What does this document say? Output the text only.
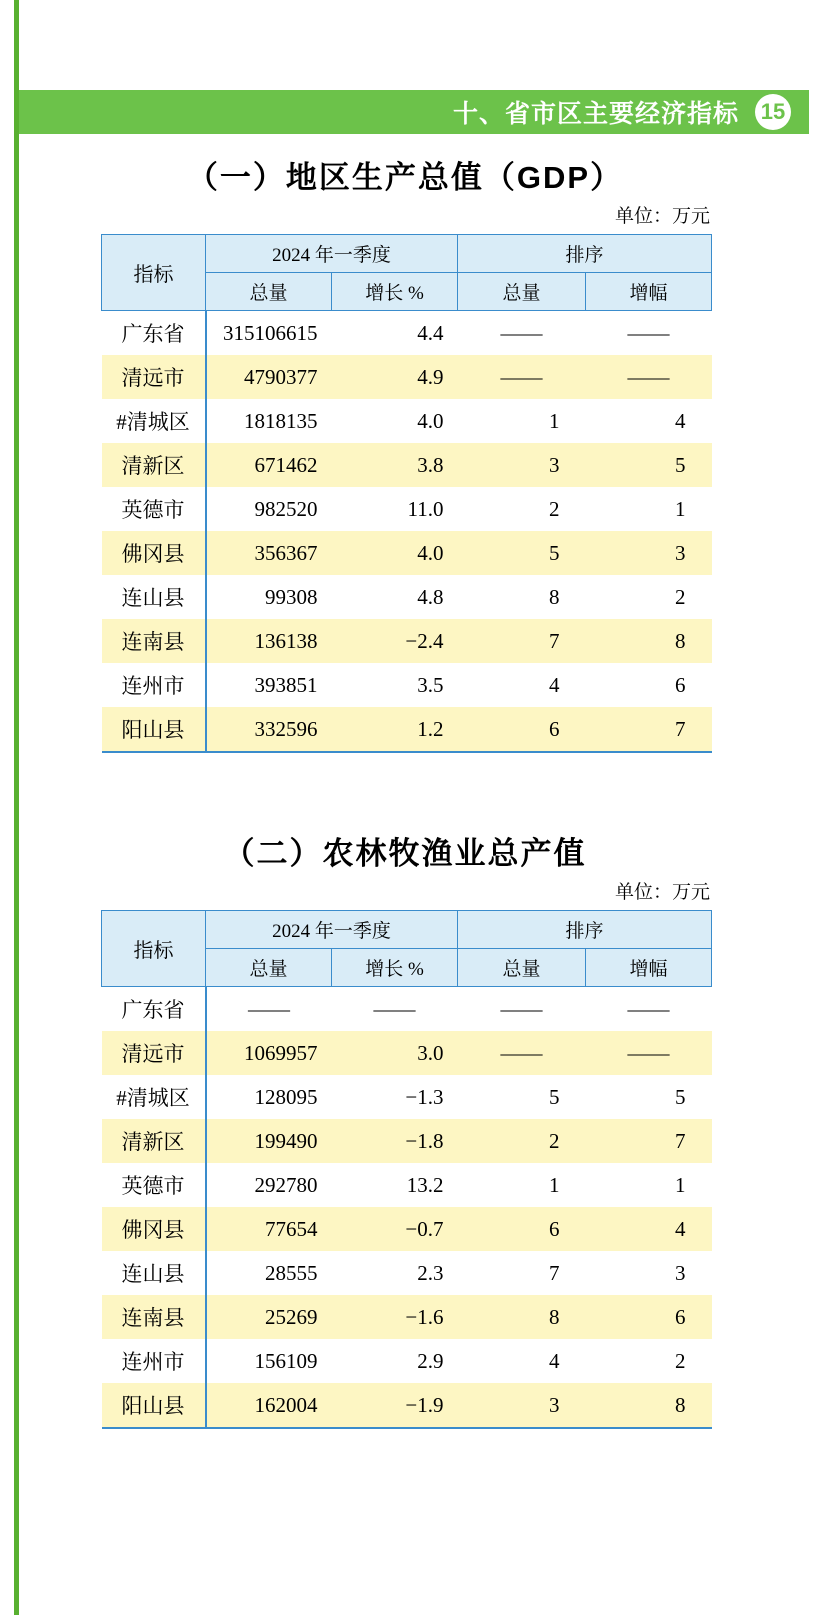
十、省市区主要经济指标 15
（一）地区生产总值（GDP）
单位：万元
指标	2024 年一季度		排序	
	总量	增长 %	总量	增幅
广东省	315106615	4.4	——	——
清远市	4790377	4.9	——	——
#清城区	1818135	4.0	1	4
清新区	671462	3.8	3	5
英德市	982520	11.0	2	1
佛冈县	356367	4.0	5	3
连山县	99308	4.8	8	2
连南县	136138	−2.4	7	8
连州市	393851	3.5	4	6
阳山县	332596	1.2	6	7
（二）农林牧渔业总产值
单位：万元
指标	2024 年一季度		排序	
	总量	增长 %	总量	增幅
广东省	——	——	——	——
清远市	1069957	3.0	——	——
#清城区	128095	−1.3	5	5
清新区	199490	−1.8	2	7
英德市	292780	13.2	1	1
佛冈县	77654	−0.7	6	4
连山县	28555	2.3	7	3
连南县	25269	−1.6	8	6
连州市	156109	2.9	4	2
阳山县	162004	−1.9	3	8
